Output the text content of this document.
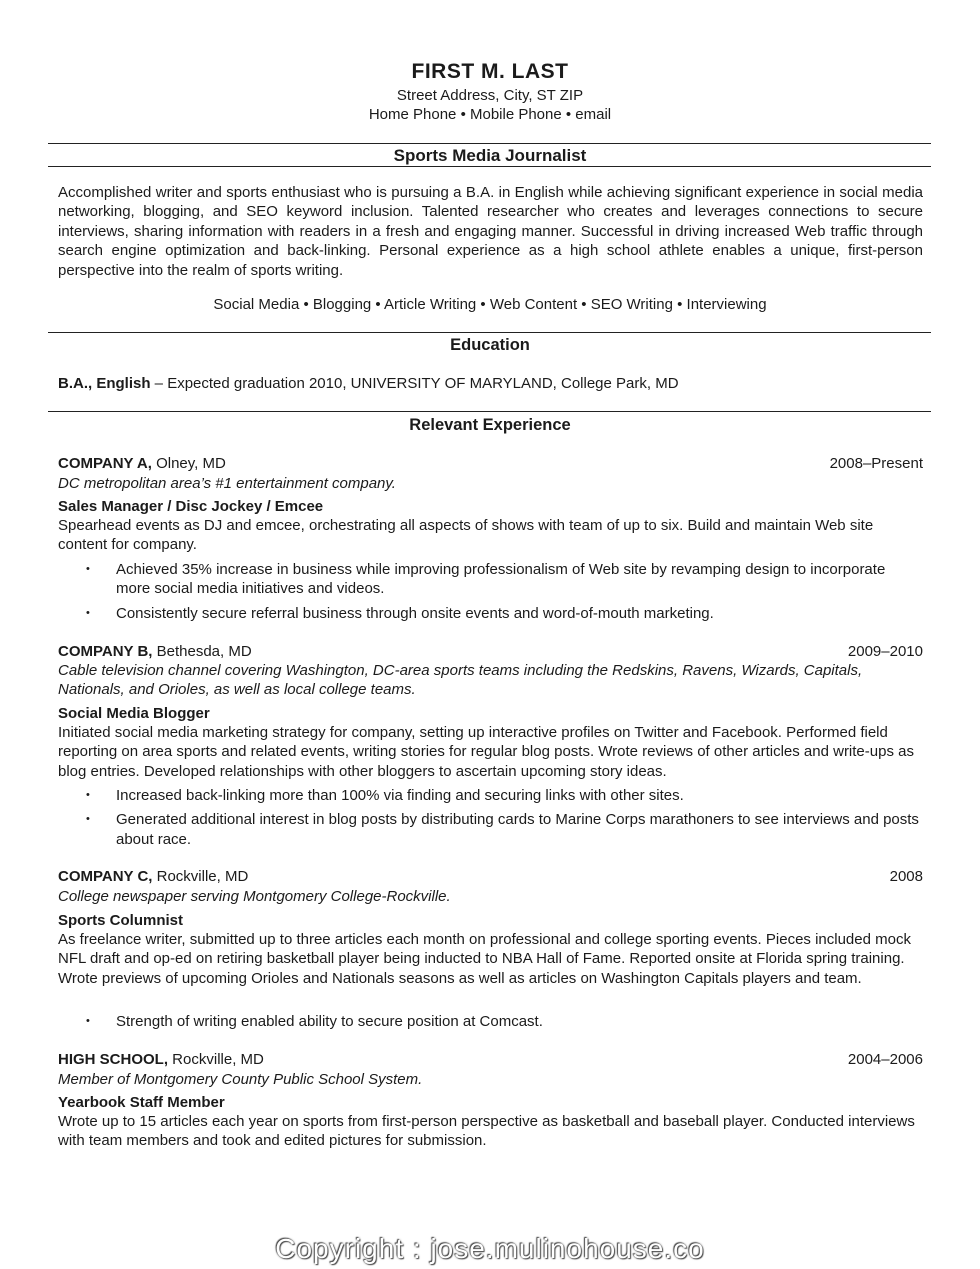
FIRST M. LAST
Street Address, City, ST ZIP
Home Phone • Mobile Phone • email
Sports Media Journalist
Accomplished writer and sports enthusiast who is pursuing a B.A. in English while achieving significant experience in social media networking, blogging, and SEO keyword inclusion. Talented researcher who creates and leverages connections to secure interviews, sharing information with readers in a fresh and engaging manner. Successful in driving increased Web traffic through search engine optimization and back-linking. Personal experience as a high school athlete enables a unique, first-person perspective into the realm of sports writing.
Social Media • Blogging • Article Writing • Web Content • SEO Writing • Interviewing
Education
B.A., English – Expected graduation 2010, UNIVERSITY OF MARYLAND, College Park, MD
Relevant Experience
COMPANY A, Olney, MD	2008–Present
DC metropolitan area’s #1 entertainment company.
Sales Manager / Disc Jockey / Emcee
Spearhead events as DJ and emcee, orchestrating all aspects of shows with team of up to six. Build and maintain Web site content for company.
• Achieved 35% increase in business while improving professionalism of Web site by revamping design to incorporate more social media initiatives and videos.
• Consistently secure referral business through onsite events and word-of-mouth marketing.
COMPANY B, Bethesda, MD	2009–2010
Cable television channel covering Washington, DC-area sports teams including the Redskins, Ravens, Wizards, Capitals, Nationals, and Orioles, as well as local college teams.
Social Media Blogger
Initiated social media marketing strategy for company, setting up interactive profiles on Twitter and Facebook. Performed field reporting on area sports and related events, writing stories for regular blog posts. Wrote reviews of other articles and write-ups as blog entries. Developed relationships with other bloggers to ascertain upcoming story ideas.
• Increased back-linking more than 100% via finding and securing links with other sites.
• Generated additional interest in blog posts by distributing cards to Marine Corps marathoners to see interviews and posts about race.
COMPANY C, Rockville, MD	2008
College newspaper serving Montgomery College-Rockville.
Sports Columnist
As freelance writer, submitted up to three articles each month on professional and college sporting events. Pieces included mock NFL draft and op-ed on retiring basketball player being inducted to NBA Hall of Fame. Reported onsite at Florida spring training. Wrote previews of upcoming Orioles and Nationals seasons as well as articles on Washington Capitals players and team.
• Strength of writing enabled ability to secure position at Comcast.
HIGH SCHOOL, Rockville, MD	2004–2006
Member of Montgomery County Public School System.
Yearbook Staff Member
Wrote up to 15 articles each year on sports from first-person perspective as basketball and baseball player. Conducted interviews with team members and took and edited pictures for submission.
Copyright : jose.mulinohouse.co
